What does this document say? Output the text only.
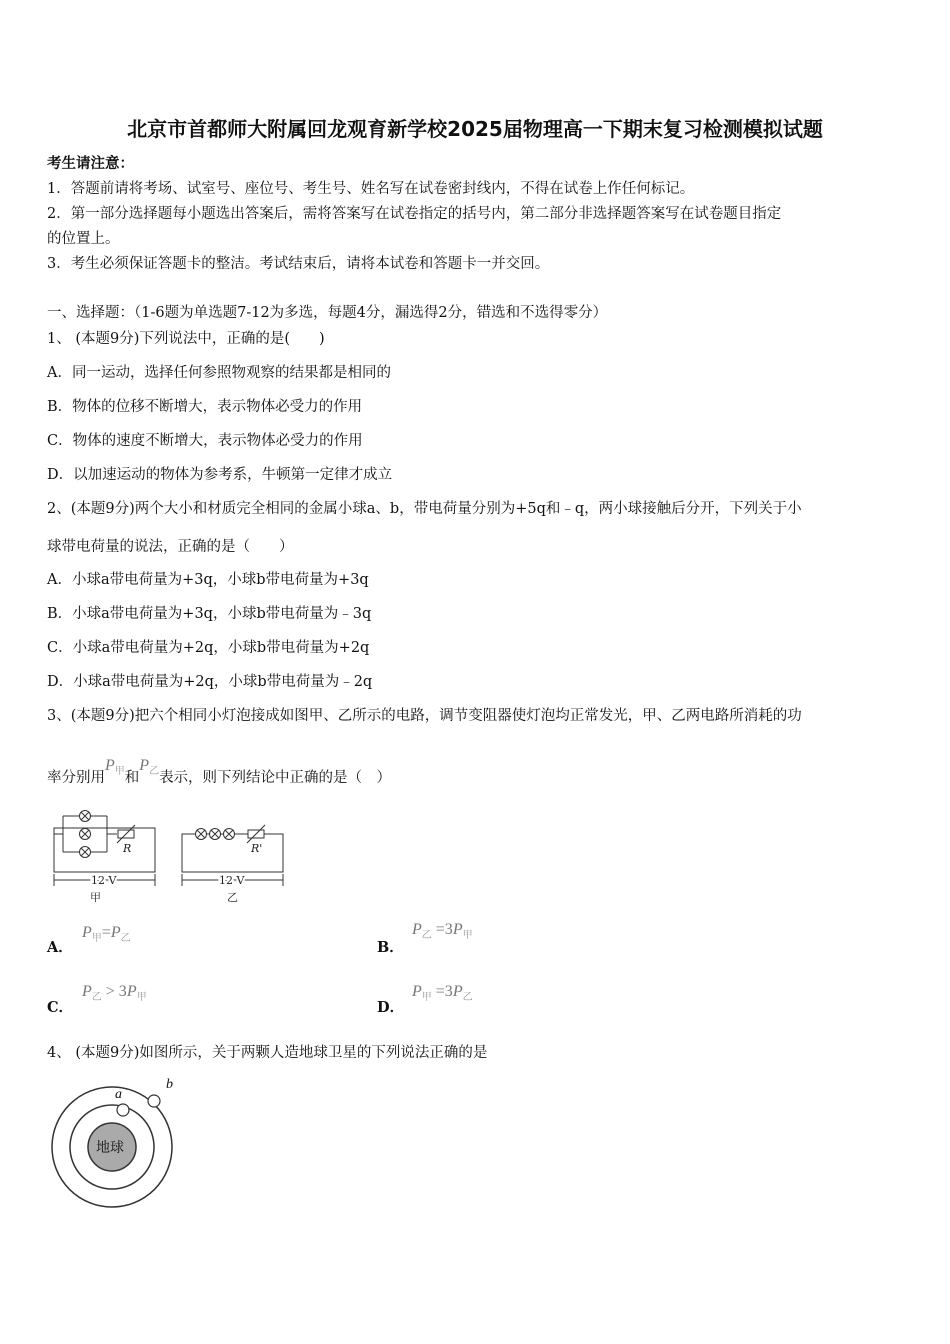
北京市首都师大附属回龙观育新学校2025届物理高一下期末复习检测模拟试题
考生请注意：
1．答题前请将考场、试室号、座位号、考生号、姓名写在试卷密封线内，不得在试卷上作任何标记。
2．第一部分选择题每小题选出答案后，需将答案写在试卷指定的括号内，第二部分非选择题答案写在试卷题目指定
的位置上。
3．考生必须保证答题卡的整洁。考试结束后，请将本试卷和答题卡一并交回。
一、选择题：（1-6题为单选题7-12为多选，每题4分，漏选得2分，错选和不选得零分）
1、 (本题9分)下列说法中，正确的是(　　)
A．同一运动，选择任何参照物观察的结果都是相同的
B．物体的位移不断增大，表示物体必受力的作用
C．物体的速度不断增大，表示物体必受力的作用
D．以加速运动的物体为参考系，牛顿第一定律才成立
2、(本题9分)两个大小和材质完全相同的金属小球a、b，带电荷量分别为+5q和﹣q，两小球接触后分开，下列关于小
球带电荷量的说法，正确的是（　　）
A．小球a带电荷量为+3q，小球b带电荷量为+3q
B．小球a带电荷量为+3q，小球b带电荷量为﹣3q
C．小球a带电荷量为+2q，小球b带电荷量为+2q
D．小球a带电荷量为+2q，小球b带电荷量为﹣2q
3、(本题9分)把六个相同小灯泡接成如图甲、乙所示的电路，调节变阻器使灯泡均正常发光，甲、乙两电路所消耗的功
率分别用$P_甲$和$P_乙$表示，则下列结论中正确的是（　）
R	R'
12 V	12 V
甲	乙
A．
$P_甲=P_乙$
B．
$P_乙 =3P_甲$
C．
$P_乙 > 3P_甲$
D．
$P_甲 =3P_乙$
4、 (本题9分)如图所示，关于两颗人造地球卫星的下列说法正确的是
地球
a
b
